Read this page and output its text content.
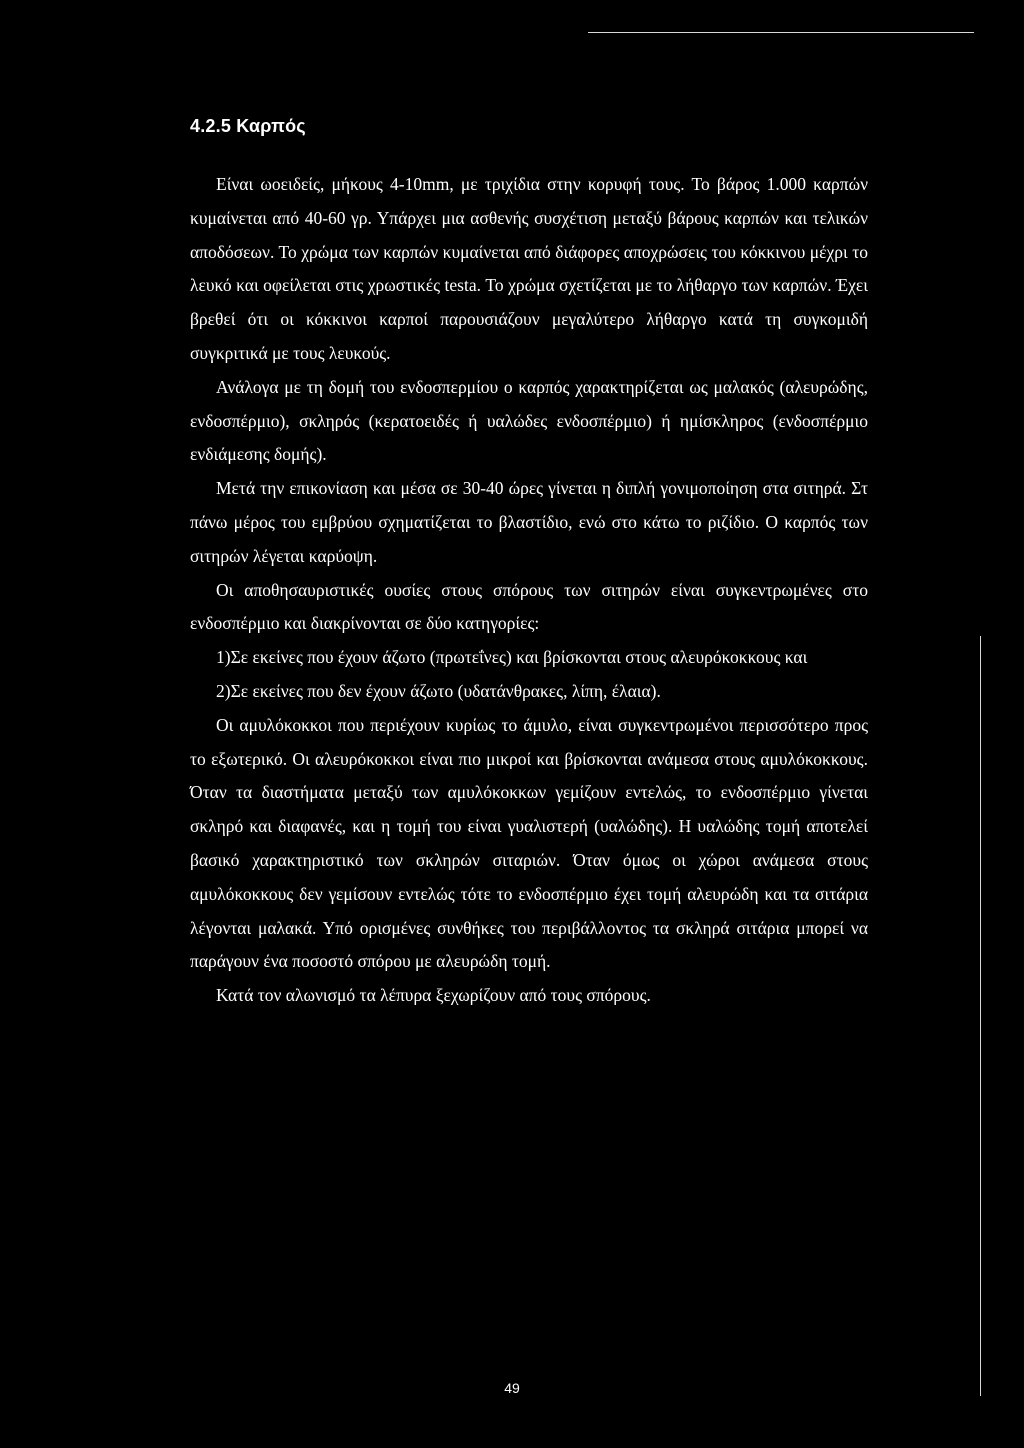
4.2.5 Καρπός

Είναι ωοειδείς, μήκους 4-10mm, με τριχίδια στην κορυφή τους. Το βάρος 1.000 καρπών κυμαίνεται από 40-60 γρ. Υπάρχει μια ασθενής συσχέτιση μεταξύ βάρους καρπών και τελικών αποδόσεων. Το χρώμα των καρπών κυμαίνεται από διάφορες αποχρώσεις του κόκκινου μέχρι το λευκό και οφείλεται στις χρωστικές testa. Το χρώμα σχετίζεται με το λήθαργο των καρπών. Έχει βρεθεί ότι οι κόκκινοι καρποί παρουσιάζουν μεγαλύτερο λήθαργο κατά τη συγκομιδή συγκριτικά με τους λευκούς.

Ανάλογα με τη δομή του ενδοσπερμίου ο καρπός χαρακτηρίζεται ως μαλακός (αλευρώδης, ενδοσπέρμιο), σκληρός (κερατοειδές ή υαλώδες ενδοσπέρμιο) ή ημίσκληρος (ενδοσπέρμιο ενδιάμεσης δομής).

Μετά την επικονίαση και μέσα σε 30-40 ώρες γίνεται η διπλή γονιμοποίηση στα σιτηρά. Στ πάνω μέρος του εμβρύου σχηματίζεται το βλαστίδιο, ενώ στο κάτω το ριζίδιο. Ο καρπός των σιτηρών λέγεται καρύοψη.

Οι αποθησαυριστικές ουσίες στους σπόρους των σιτηρών είναι συγκεντρωμένες στο ενδοσπέρμιο και διακρίνονται σε δύο κατηγορίες:

1)Σε εκείνες που έχουν άζωτο (πρωτεΐνες) και βρίσκονται στους αλευρόκοκκους και

2)Σε εκείνες που δεν έχουν άζωτο (υδατάνθρακες, λίπη, έλαια).

Οι αμυλόκοκκοι που περιέχουν κυρίως το άμυλο, είναι συγκεντρωμένοι περισσότερο προς το εξωτερικό. Οι αλευρόκοκκοι είναι πιο μικροί και βρίσκονται ανάμεσα στους αμυλόκοκκους. Όταν τα διαστήματα μεταξύ των αμυλόκοκκων γεμίζουν εντελώς, το ενδοσπέρμιο γίνεται σκληρό και διαφανές, και η τομή του είναι γυαλιστερή (υαλώδης). Η υαλώδης τομή αποτελεί βασικό χαρακτηριστικό των σκληρών σιταριών. Όταν όμως οι χώροι ανάμεσα στους αμυλόκοκκους δεν γεμίσουν εντελώς τότε το ενδοσπέρμιο έχει τομή αλευρώδη και τα σιτάρια λέγονται μαλακά. Υπό ορισμένες συνθήκες του περιβάλλοντος τα σκληρά σιτάρια μπορεί να παράγουν ένα ποσοστό σπόρου με αλευρώδη τομή.

Κατά τον αλωνισμό τα λέπυρα ξεχωρίζουν από τους σπόρους.

49
